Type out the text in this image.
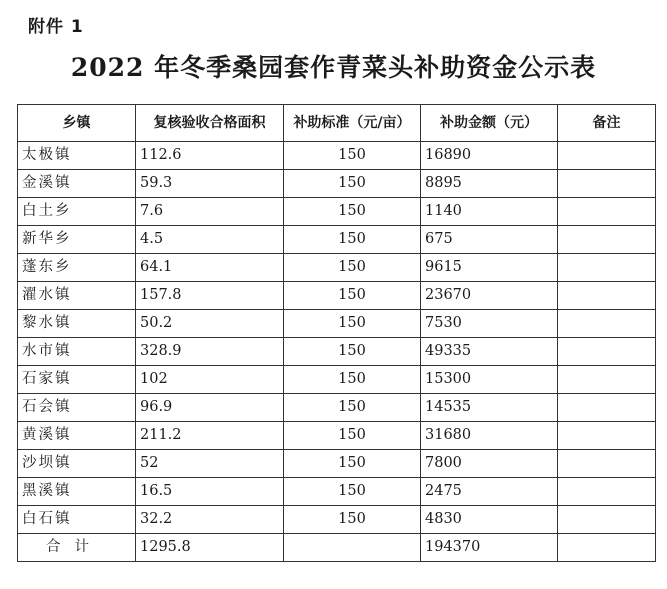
附件 1
2022 年冬季桑园套作青菜头补助资金公示表
乡镇	复核验收合格面积	补助标准（元/亩）	补助金额（元）	备注
太极镇	112.6	150	16890	
金溪镇	59.3	150	8895	
白土乡	7.6	150	1140	
新华乡	4.5	150	675	
蓬东乡	64.1	150	9615	
濯水镇	157.8	150	23670	
黎水镇	50.2	150	7530	
水市镇	328.9	150	49335	
石家镇	102	150	15300	
石会镇	96.9	150	14535	
黄溪镇	211.2	150	31680	
沙坝镇	52	150	7800	
黑溪镇	16.5	150	2475	
白石镇	32.2	150	4830	
合计	1295.8		194370	
